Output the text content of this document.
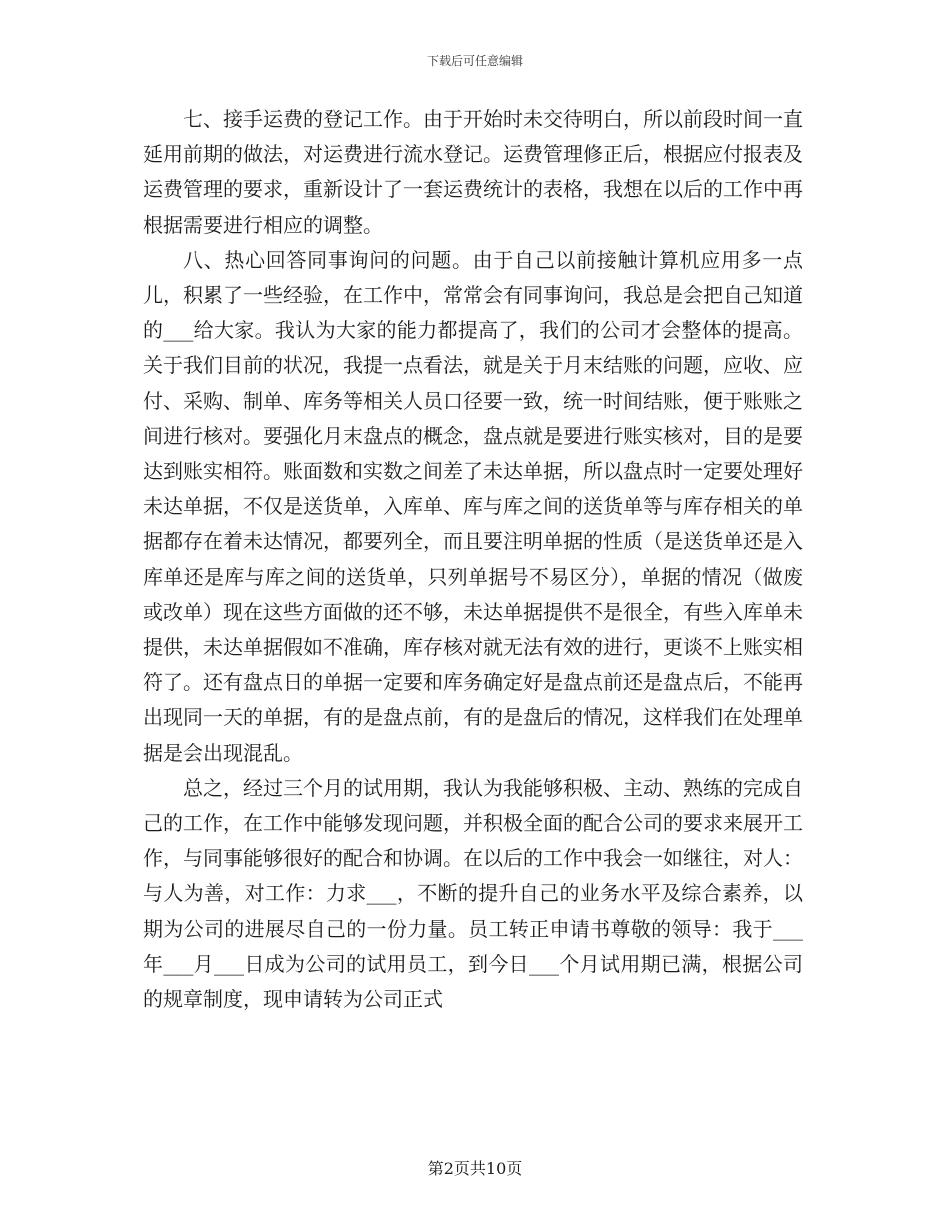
下载后可任意编辑

七、接手运费的登记工作。由于开始时未交待明白，所以前段时间一直延用前期的做法，对运费进行流水登记。运费管理修正后，根据应付报表及运费管理的要求，重新设计了一套运费统计的表格，我想在以后的工作中再根据需要进行相应的调整。

八、热心回答同事询问的问题。由于自己以前接触计算机应用多一点儿，积累了一些经验，在工作中，常常会有同事询问，我总是会把自己知道的___给大家。我认为大家的能力都提高了，我们的公司才会整体的提高。关于我们目前的状况，我提一点看法，就是关于月末结账的问题，应收、应付、采购、制单、库务等相关人员口径要一致，统一时间结账，便于账账之间进行核对。要强化月末盘点的概念，盘点就是要进行账实核对，目的是要达到账实相符。账面数和实数之间差了未达单据，所以盘点时一定要处理好未达单据，不仅是送货单，入库单、库与库之间的送货单等与库存相关的单据都存在着未达情况，都要列全，而且要注明单据的性质（是送货单还是入库单还是库与库之间的送货单，只列单据号不易区分），单据的情况（做废或改单）现在这些方面做的还不够，未达单据提供不是很全，有些入库单未提供，未达单据假如不准确，库存核对就无法有效的进行，更谈不上账实相符了。还有盘点日的单据一定要和库务确定好是盘点前还是盘点后，不能再出现同一天的单据，有的是盘点前，有的是盘后的情况，这样我们在处理单据是会出现混乱。

总之，经过三个月的试用期，我认为我能够积极、主动、熟练的完成自己的工作，在工作中能够发现问题，并积极全面的配合公司的要求来展开工作，与同事能够很好的配合和协调。在以后的工作中我会一如继往，对人：与人为善，对工作：力求___，不断的提升自己的业务水平及综合素养，以期为公司的进展尽自己的一份力量。员工转正申请书尊敬的领导：我于___年___月___日成为公司的试用员工，到今日___个月试用期已满，根据公司的规章制度，现申请转为公司正式

第2页共10页
